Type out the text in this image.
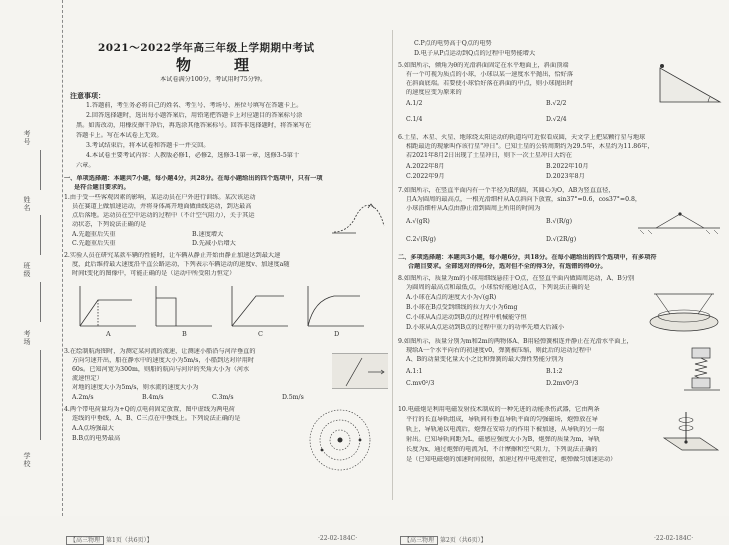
考号
姓名
班级
考场
学校
2021～2022学年高三年级上学期期中考试
物　理
本试卷满分100分，考试用时75分钟。
注意事项：
1.答题前，考生务必将自己的姓名、考生号、考场号、座位号填写在答题卡上。
2.回答选择题时，选出每小题答案后，用铅笔把答题卡上对应题目的答案标号涂
黑。如需改动，用橡皮擦干净后，再选涂其他答案标号。回答非选择题时，将答案写在
答题卡上。写在本试卷上无效。
3.考试结束后，将本试卷和答题卡一并交回。
4.本试卷主要考试内容：人教版必修1，必修2，选修3-1第一章，选修3-5第十
六章。
一、单项选择题：本题共7小题，每小题4分，共28分。在每小题给出的四个选项中，只有一项
是符合题目要求的。
1.由于受一些客观因素的影响，某运动员在户外进行训练。某次该运动
员在赛道上做加速运动，并将身体离开地面做曲线运动，到达最高
点后落地。运动员在空中运动的过程中（不计空气阻力），关于其运
动状态，下列说法正确的是
A.先超重后失重	B.速度增大
C.先超重后失重	D.先减小后增大
2.实验人员在研究某款车辆的性能时，让车辆从静止开始由静止加速达到最大速
度，此后维持最大速度沿平直公路运动，下列表示车辆运动的速度v、加速度a随
时间t变化的图像中，可能正确的是（运动中所受阻力恒定）
A	B	C	D
3.在绘制航海图时，为测定某河流的流速，让测速小船沿与河岸垂直的
方向匀速开出，船在静水中的速度大小为5m/s，小船到达对岸用时
60s。已知河宽为300m，则船的航向与河岸的夹角大小为（河水
流速恒定）
对地的速度大小为5m/s，则水流的速度大小为
A.2m/s	B.4m/s	C.3m/s	D.5m/s
4.两个带电荷量均为+Q的点电荷固定放置，图中虚线为两电荷
连线的中垂线，A、B、C三点在中垂线上。下列说法正确的是
A.A点场强最大
B.B点的电势最高
【高三物理 第1页（共6页）】	·22-02-184C·
C.P点的电势高于Q点的电势
D.电子从P点运动到Q点的过程中电势能增大
5.如图所示，倾角为θ的光滑斜面固定在水平地面上，斜面顶端
有一个可视为质点的小球，小球以某一速度水平抛出，恰好落
在斜面底端。若要使小球恰好落在斜面的中点，则小球抛出时
的速度应变为原来的
A.1/2	B.√2/2
C.1/4	D.√2/4
6.土星、木星、火星、地球绕太阳运动的轨道均可近似看成圆，天文学上把某颗行星与地球
相距最近的现象叫作该行星"冲日"。已知土星的公转周期约为29.5年，木星约为11.86年，
若2021年8月2日出现了土星冲日，则下一次土星冲日大约在
A.2022年8月	B.2022年10月
C.2022年9月	D.2023年8月
7.如图所示，在竖直平面内有一个半径为R的圆，其圆心为O，AB为竖直直径，
且A为圆周的最高点，一根光滑细杆从A点斜向下放置，sin37°=0.6，cos37°=0.8，
小球沿细杆从A点由静止滑到圆周上所用的时间为
A.√(gR)	B.√(R/g)
C.2√(R/g)	D.√(2R/g)
二、多项选择题：本题共3小题，每小题6分，共18分。在每小题给出的四个选项中，有多项符
合题目要求。全部选对的得6分，选对但不全的得3分，有选错的得0分。
8.如图所示，质量为m的小球用细线悬挂于O点，在竖直平面内做圆周运动，A、B分别
为圆周的最高点和最低点，小球恰好能通过A点，下列说法正确的是
A.小球在A点的速度大小为√(gR)
B.小球在B点受到细线的拉力大小为6mg
C.小球从A点运动到B点的过程中机械能守恒
D.小球从A点运动到B点的过程中重力的功率先增大后减小
9.如图所示，质量分别为m和2m的两物体A、B用轻弹簧相连并静止在光滑水平面上，
现给A一个水平向右的初速度v0，弹簧被压缩，则此后的运动过程中
A、B的动量变化量大小之比和弹簧的最大弹性势能分别为
A.1:1	B.1:2
C.mv0²/3	D.2mv0²/3
10.电磁炮是利用电磁发射技术制成的一种先进的动能杀伤武器，它由两条
平行的长直导轨组成，导轨间有垂直导轨平面的匀强磁场，炮弹放在导
轨上，导轨通以电流后，炮弹在安培力的作用下被加速，从导轨的另一端
射出。已知导轨间距为L，磁感应强度大小为B，炮弹的质量为m，导轨
长度为x，通过炮弹的电流为I，不计摩擦和空气阻力，下列说法正确的
是（已知电磁炮的加速时间很短，加速过程中电流恒定，炮弹做匀加速运动）
【高三物理 第2页（共6页）】	·22-02-184C·
